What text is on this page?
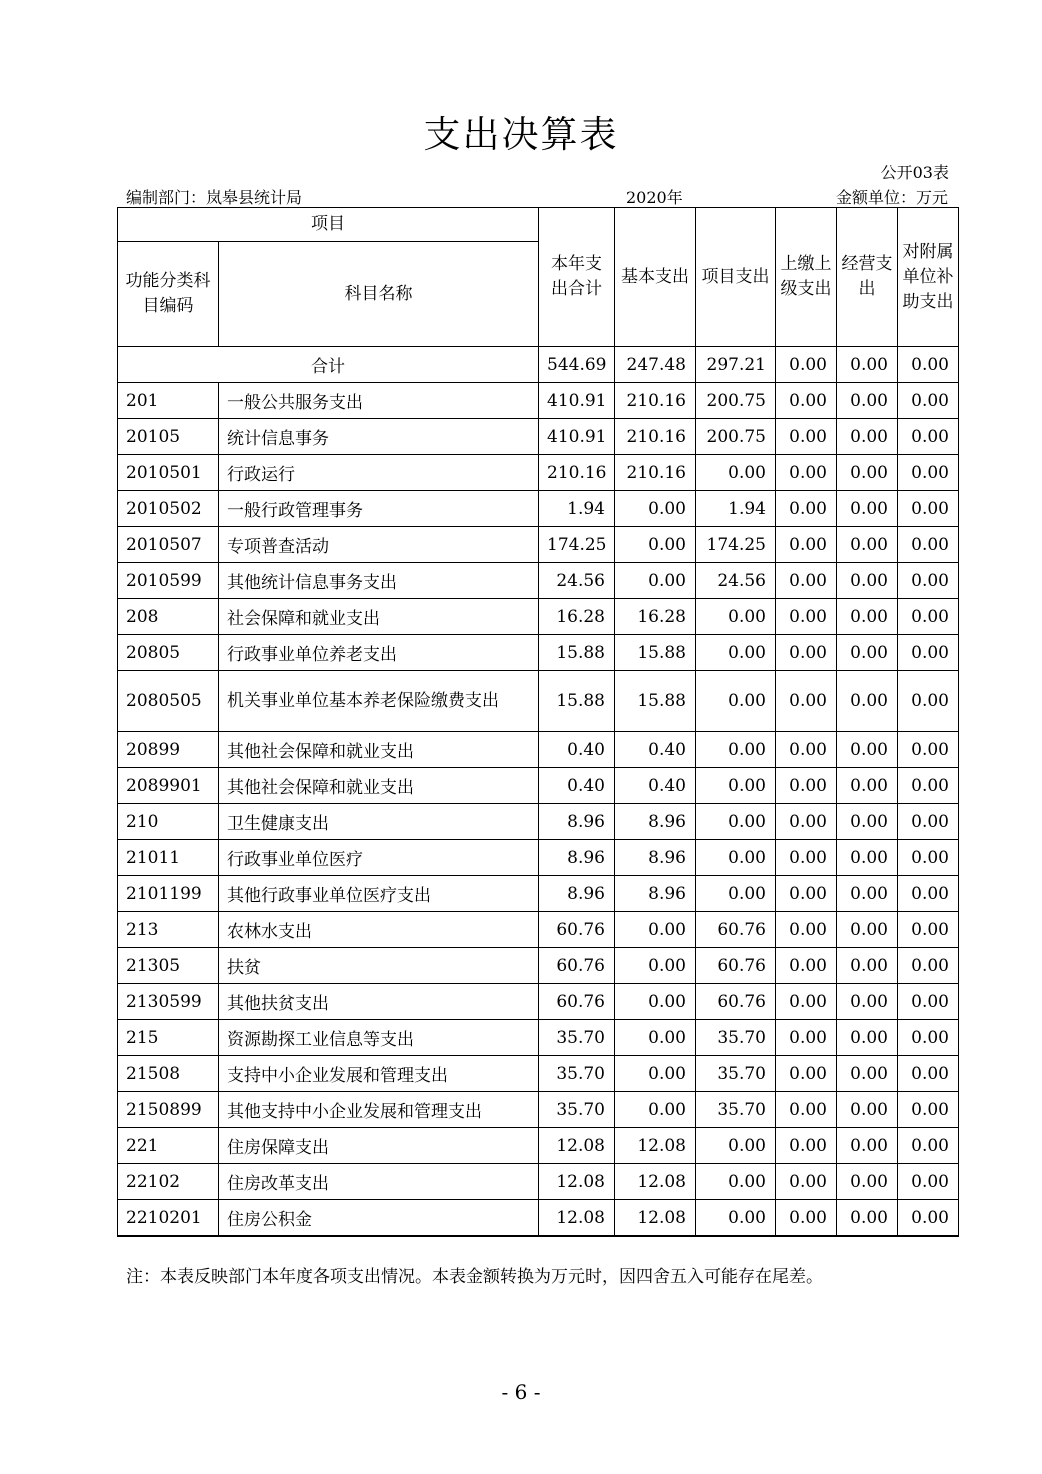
支出决算表
公开03表
编制部门：岚皋县统计局	2020年	金额单位：万元
项目		本年支出合计	基本支出	项目支出	上缴上级支出	经营支出	对附属单位补助支出
功能分类科目编码	科目名称						
合计		544.69	247.48	297.21	0.00	0.00	0.00
201	一般公共服务支出	410.91	210.16	200.75	0.00	0.00	0.00
20105	统计信息事务	410.91	210.16	200.75	0.00	0.00	0.00
2010501	行政运行	210.16	210.16	0.00	0.00	0.00	0.00
2010502	一般行政管理事务	1.94	0.00	1.94	0.00	0.00	0.00
2010507	专项普查活动	174.25	0.00	174.25	0.00	0.00	0.00
2010599	其他统计信息事务支出	24.56	0.00	24.56	0.00	0.00	0.00
208	社会保障和就业支出	16.28	16.28	0.00	0.00	0.00	0.00
20805	行政事业单位养老支出	15.88	15.88	0.00	0.00	0.00	0.00
2080505	机关事业单位基本养老保险缴费支出	15.88	15.88	0.00	0.00	0.00	0.00
20899	其他社会保障和就业支出	0.40	0.40	0.00	0.00	0.00	0.00
2089901	其他社会保障和就业支出	0.40	0.40	0.00	0.00	0.00	0.00
210	卫生健康支出	8.96	8.96	0.00	0.00	0.00	0.00
21011	行政事业单位医疗	8.96	8.96	0.00	0.00	0.00	0.00
2101199	其他行政事业单位医疗支出	8.96	8.96	0.00	0.00	0.00	0.00
213	农林水支出	60.76	0.00	60.76	0.00	0.00	0.00
21305	扶贫	60.76	0.00	60.76	0.00	0.00	0.00
2130599	其他扶贫支出	60.76	0.00	60.76	0.00	0.00	0.00
215	资源勘探工业信息等支出	35.70	0.00	35.70	0.00	0.00	0.00
21508	支持中小企业发展和管理支出	35.70	0.00	35.70	0.00	0.00	0.00
2150899	其他支持中小企业发展和管理支出	35.70	0.00	35.70	0.00	0.00	0.00
221	住房保障支出	12.08	12.08	0.00	0.00	0.00	0.00
22102	住房改革支出	12.08	12.08	0.00	0.00	0.00	0.00
2210201	住房公积金	12.08	12.08	0.00	0.00	0.00	0.00
注：本表反映部门本年度各项支出情况。本表金额转换为万元时，因四舍五入可能存在尾差。
- 6 -
